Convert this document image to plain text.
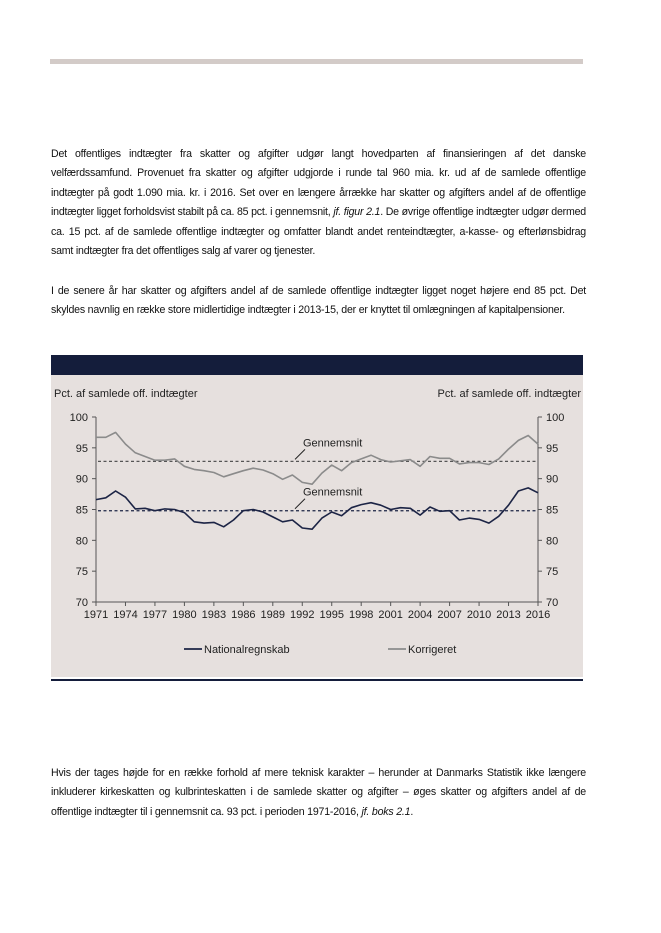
Det offentliges indtægter fra skatter og afgifter udgør langt hovedparten af finansieringen af det danske velfærdssamfund. Provenuet fra skatter og afgifter udgjorde i runde tal 960 mia. kr. ud af de samlede offentlige indtægter på godt 1.090 mia. kr. i 2016. Set over en længere årrække har skatter og afgifters andel af de offentlige indtægter ligget forholdsvist stabilt på ca. 85 pct. i gennemsnit, jf. figur 2.1. De øvrige offentlige indtægter udgør dermed ca. 15 pct. af de samlede offentlige indtægter og omfatter blandt andet renteindtægter, a-kasse- og efterlønsbidrag samt indtægter fra det offentliges salg af varer og tjenester.

I de senere år har skatter og afgifters andel af de samlede offentlige indtægter ligget noget højere end 85 pct. Det skyldes navnlig en række store midlertidige indtægter i 2013-15, der er knyttet til omlægningen af kapitalpensioner.

100	100
95	95
90	90
85	85
80	80
75	75
70	70
1971 1974 1977 1980 1983 1986 1989 1992 1995 1998 2001 2004 2007 2010 2013 2016
Pct. af samlede off. indtægter	Pct. af samlede off. indtægter
Gennemsnit
Gennemsnit
Nationalregnskab	Korrigeret

Hvis der tages højde for en række forhold af mere teknisk karakter – herunder at Danmarks Statistik ikke længere inkluderer kirkeskatten og kulbrinteskatten i de samlede skatter og afgifter – øges skatter og afgifters andel af de offentlige indtægter til i gennemsnit ca. 93 pct. i perioden 1971-2016, jf. boks 2.1.
